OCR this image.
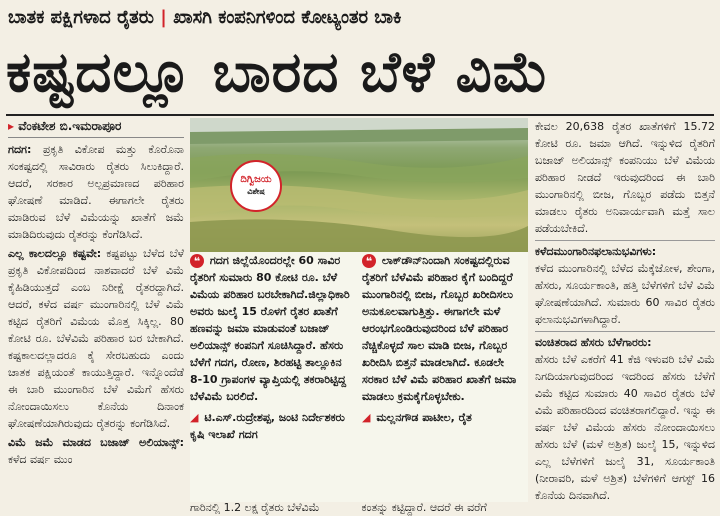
ಬಾತಕ ಪಕ್ಷಿಗಳಾದ ರೈತರು | ಖಾಸಗಿ ಕಂಪನಿಗಳಿಂದ ಕೋಟ್ಯಂತರ ಬಾಕಿ
ಕಷ್ಟದಲ್ಲೂ ಬಾರದ ಬೆಳೆ ವಿಮೆ
▸ ವೆಂಕಟೇಶ ಬಿ.ಇಮರಾಪೂರ

ಗದಗ: ಪ್ರಕೃತಿ ವಿಕೋಪ ಮತ್ತು ಕೊರೊನಾ ಸಂಕಷ್ಟದಲ್ಲಿ ಸಾವಿರಾರು ರೈತರು ಸಿಲುಕಿದ್ದಾರೆ. ಆದರೆ, ಸರಕಾರ ಅಲ್ಪಪ್ರಮಾಣದ ಪರಿಹಾರ ಘೋಷಣೆ ಮಾಡಿದೆ. ಈಗಾಗಲೇ ರೈತರು ಮಾಡಿರುವ ಬೆಳೆ ವಿಮೆಯನ್ನು ಖಾತೆಗೆ ಜಮೆ ಮಾಡಿದಿರುವುದು ರೈತರನ್ನು ಕೆಂಗೆಡಿಸಿದೆ.

ಎಲ್ಲ ಕಾಲದಲ್ಲೂ ಕಷ್ಟವೇ: ಕಷ್ಟಪಟ್ಟು ಬೆಳೆದ ಬೆಳೆ ಪ್ರಕೃತಿ ವಿಕೋಪದಿಂದ ನಾಶವಾದರೆ ಬೆಳೆ ವಿಮೆ ಕೈಹಿಡಿಯುತ್ತದೆ ಎಂಬ ನಿರೀಕ್ಷೆ ರೈತರದ್ದಾಗಿದೆ. ಆದರೆ, ಕಳೆದ ವರ್ಷ ಮುಂಗಾರಿನಲ್ಲಿ ಬೆಳೆ ವಿಮೆ ಕಟ್ಟಿದ ರೈತರಿಗೆ ವಿಮೆಯ ಮೊತ್ತ ಸಿಕ್ಕಿಲ್ಲ. 80 ಕೋಟಿ ರೂ. ಬೆಳೆವಿಮೆ ಪರಿಹಾರ ಬರ ಬೇಕಾಗಿದೆ. ಕಷ್ಟಕಾಲದಲ್ಲಾದರೂ ಕೈ ಸೇರಬಹುದು ಎಂದು ಚಾತಕ ಪಕ್ಷಿಯಂತೆ ಕಾಯುತ್ತಿದ್ದಾರೆ. ಇನ್ನೊಂದೆಡೆ ಈ ಬಾರಿ ಮುಂಗಾರಿನ ಬೆಳೆ ವಿಮೆಗೆ ಹೆಸರು ನೋಂದಾಯಿಸಲು ಕೊನೆಯ ದಿನಾಂಕ ಘೋಷಣೆಯಾಗಿರುವುದು ರೈತರನ್ನು ಕಂಗೆಡಿಸಿದೆ.

ವಿಮೆ ಜಮೆ ಮಾಡದ ಬಜಾಜ್ ಅಲಿಯಾನ್ಸ್: ಕಳೆದ ವರ್ಷ ಮುಂ

ದಿಗ್ವಿಜಯ
ವಿಶೇಷ
❝ ಗದಗ ಜಿಲ್ಲೆಯೊಂದರಲ್ಲೇ 60 ಸಾವಿರ ರೈತರಿಗೆ ಸುಮಾರು 80 ಕೋಟಿ ರೂ. ಬೆಳೆ ವಿಮೆಯ ಪರಿಹಾರ ಬರಬೇಕಾಗಿದೆ.ಜಿಲ್ಲಾಧಿಕಾರಿ ಅವರು ಜುಲೈ 15 ರೊಳಗೆ ರೈತರ ಖಾತೆಗೆ ಹಣವನ್ನು ಜಮಾ ಮಾಡುವಂತೆ ಬಜಾಜ್ ಅಲಿಯಾನ್ಸ್ ಕಂಪನಿಗೆ ಸೂಚಿಸಿದ್ದಾರೆ. ಹೆಸರು ಬೆಳೆಗೆ ಗದಗ, ರೋಣ, ಶಿರಹಟ್ಟಿ ತಾಲ್ಲೂಕಿನ 8-10 ಗ್ರಾಪಂಗಳ ವ್ಯಾಪ್ತಿಯಲ್ಲಿ ತಕರಾರಿಟ್ಟಿದ್ದ ಬೆಳೆವಿಮೆ ಬರಲಿದೆ.
◢ ಟಿ.ಎಸ್.ರುದ್ರೇಶಪ್ಪ, ಜಂಟಿ ನಿರ್ದೇಶಕರು ಕೃಷಿ ಇಲಾಖೆ ಗದಗ
❝ ಲಾಕ್‌ಡೌನ್‌ನಿಂದಾಗಿ ಸಂಕಷ್ಟದಲ್ಲಿರುವ ರೈತರಿಗೆ ಬೆಳೆವಿಮೆ ಪರಿಹಾರ ಕೈಗೆ ಬಂದಿದ್ದರೆ ಮುಂಗಾರಿನಲ್ಲಿ ಬೀಜ, ಗೊಬ್ಬರ ಖರೀದಿಸಲು ಅನುಕೂಲವಾಗುತ್ತಿತ್ತು. ಈಗಾಗಲೇ ಮಳೆ ಆರಂಭಗೊಂಡಿರುವುದರಿಂದ ಬೆಳೆ ಪರಿಹಾರ ನೆಚ್ಚಿಕೊಳ್ಳದೆ ಸಾಲ ಮಾಡಿ ಬೀಜ, ಗೊಬ್ಬರ ಖರೀದಿಸಿ ಬಿತ್ತನೆ ಮಾಡಲಾಗಿದೆ. ಕೂಡಲೇ ಸರಕಾರ ಬೆಳೆ ವಿಮೆ ಪರಿಹಾರ ಖಾತೆಗೆ ಜಮಾ ಮಾಡಲು ಕ್ರಮಕೈಗೊಳ್ಳಬೇಕು.
◢ ಮಲ್ಲನಗೌಡ ಪಾಟೀಲ, ರೈತ
ಗಾರಿನಲ್ಲಿ 1.2 ಲಕ್ಷ ರೈತರು ಬೆಳೆವಿಮೆ	ಕಂತನ್ನು ಕಟ್ಟಿದ್ದಾರೆ. ಆದರೆ ಈ ವರೆಗೆ

ಕೇವಲ 20,638 ರೈತರ ಖಾತೆಗಳಿಗೆ 15.72 ಕೋಟಿ ರೂ. ಜಮಾ ಆಗಿದೆ. ಇನ್ನುಳಿದ ರೈತರಿಗೆ ಬಜಾಜ್ ಅಲಿಯಾನ್ಸ್ ಕಂಪನಿಯು ಬೆಳೆ ವಿಮೆಯ ಪರಿಹಾರ ನೀಡದೆ ಇರುವುದರಿಂದ ಈ ಬಾರಿ ಮುಂಗಾರಿನಲ್ಲಿ ಬೀಜ, ಗೊಬ್ಬರ ಪಡೆದು ಬಿತ್ತನೆ ಮಾಡಲು ರೈತರು ಅನಿವಾರ್ಯವಾಗಿ ಮತ್ತೆ ಸಾಲ ಪಡೆಯಬೇಕಿದೆ.

ಕಳೆದಮುಂಗಾರಿನಫಲಾನುಭವಿಗಳು:

ಕಳೆದ ಮುಂಗಾರಿನಲ್ಲಿ ಬೆಳೆದ ಮೆಕ್ಕೆಜೋಳ, ಶೇಂಗಾ, ಹೆಸರು, ಸೂರ್ಯಕಾಂತಿ, ಹತ್ತಿ ಬೆಳೆಗಳಿಗೆ ಬೆಳೆ ವಿಮೆ ಘೋಷಣೆಯಾಗಿದೆ. ಸುಮಾರು 60 ಸಾವಿರ ರೈತರು ಫಲಾನುಭವಿಗಳಾಗಿದ್ದಾರೆ.

ವಂಚಿತರಾದ ಹೆಸರು ಬೆಳೆಗಾರರು:

ಹೆಸರು ಬೆಳೆ ಎಕರೆಗೆ 41 ಕೆಜಿ ಇಳುವರಿ ಬೆಳೆ ವಿಮೆ ನಿಗದಿಯಾಗುವುದರಿಂದ ಇದರಿಂದ ಹೆಸರು ಬೆಳೆಗೆ ವಿಮೆ ಕಟ್ಟಿದ ಸುಮಾರು 40 ಸಾವಿರ ರೈತರು ಬೆಳೆ ವಿಮೆ ಪರಿಹಾರದಿಂದ ವಂಚಿತರಾಗಲಿದ್ದಾರೆ. ಇನ್ನು ಈ ವರ್ಷ ಬೆಳೆ ವಿಮೆಯ ಹೆಸರು ನೋಂದಾಯಿಸಲು ಹೆಸರು ಬೆಳೆ (ಮಳೆ ಅಶ್ರಿತ) ಜುಲೈ 15, ಇನ್ನುಳಿದ ಎಲ್ಲ ಬೆಳೆಗಳಿಗೆ ಜುಲೈ 31, ಸೂರ್ಯಕಾಂತಿ (ನೀರಾವರಿ, ಮಳೆ ಅಶ್ರಿತ) ಬೆಳೆಗಳಿಗೆ ಆಗಸ್ಟ್ 16 ಕೊನೆಯ ದಿನವಾಗಿದೆ.
